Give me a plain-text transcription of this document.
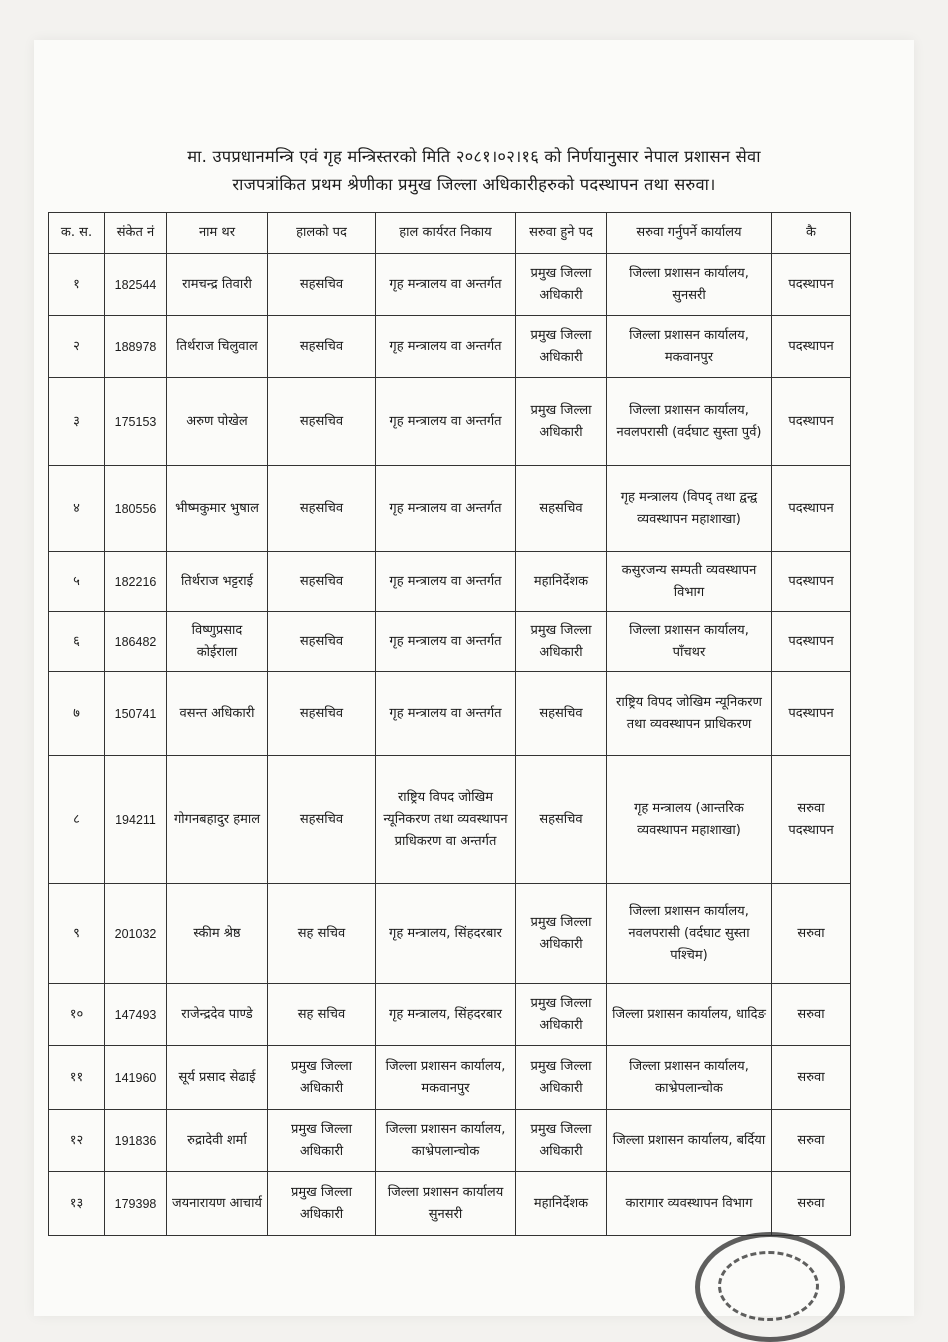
मा. उपप्रधानमन्त्रि एवं गृह मन्त्रिस्तरको मिति २०८१।०२।१६ को निर्णयानुसार नेपाल प्रशासन सेवा
राजपत्रांकित प्रथम श्रेणीका प्रमुख जिल्ला अधिकारीहरुको पदस्थापन तथा सरुवा।
क. स.	संकेत नं	नाम थर	हालको पद	हाल कार्यरत निकाय	सरुवा हुने पद	सरुवा गर्नुपर्ने कार्यालय	कै
१	182544	रामचन्द्र तिवारी	सहसचिव	गृह मन्त्रालय वा अन्तर्गत	प्रमुख जिल्ला अधिकारी	जिल्ला प्रशासन कार्यालय, सुनसरी	पदस्थापन
२	188978	तिर्थराज चिलुवाल	सहसचिव	गृह मन्त्रालय वा अन्तर्गत	प्रमुख जिल्ला अधिकारी	जिल्ला प्रशासन कार्यालय, मकवानपुर	पदस्थापन
३	175153	अरुण पोखेल	सहसचिव	गृह मन्त्रालय वा अन्तर्गत	प्रमुख जिल्ला अधिकारी	जिल्ला प्रशासन कार्यालय, नवलपरासी (वर्दघाट सुस्ता पुर्व)	पदस्थापन
४	180556	भीष्मकुमार भुषाल	सहसचिव	गृह मन्त्रालय वा अन्तर्गत	सहसचिव	गृह मन्त्रालय (विपद् तथा द्वन्द्व व्यवस्थापन महाशाखा)	पदस्थापन
५	182216	तिर्थराज भट्टराई	सहसचिव	गृह मन्त्रालय वा अन्तर्गत	महानिर्देशक	कसुरजन्य सम्पती व्यवस्थापन विभाग	पदस्थापन
६	186482	विष्णुप्रसाद कोईराला	सहसचिव	गृह मन्त्रालय वा अन्तर्गत	प्रमुख जिल्ला अधिकारी	जिल्ला प्रशासन कार्यालय, पाँचथर	पदस्थापन
७	150741	वसन्त अधिकारी	सहसचिव	गृह मन्त्रालय वा अन्तर्गत	सहसचिव	राष्ट्रिय विपद जोखिम न्यूनिकरण तथा व्यवस्थापन प्राधिकरण	पदस्थापन
८	194211	गोगनबहादुर हमाल	सहसचिव	राष्ट्रिय विपद जोखिम न्यूनिकरण तथा व्यवस्थापन प्राधिकरण वा अन्तर्गत	सहसचिव	गृह मन्त्रालय (आन्तरिक व्यवस्थापन महाशाखा)	सरुवा पदस्थापन
९	201032	स्कीम श्रेष्ठ	सह सचिव	गृह मन्त्रालय, सिंहदरबार	प्रमुख जिल्ला अधिकारी	जिल्ला प्रशासन कार्यालय, नवलपरासी (वर्दघाट सुस्ता पश्चिम)	सरुवा
१०	147493	राजेन्द्रदेव पाण्डे	सह सचिव	गृह मन्त्रालय, सिंहदरबार	प्रमुख जिल्ला अधिकारी	जिल्ला प्रशासन कार्यालय, धादिङ	सरुवा
११	141960	सूर्य प्रसाद सेढाई	प्रमुख जिल्ला अधिकारी	जिल्ला प्रशासन कार्यालय, मकवानपुर	प्रमुख जिल्ला अधिकारी	जिल्ला प्रशासन कार्यालय, काभ्रेपलान्चोक	सरुवा
१२	191836	रुद्रादेवी शर्मा	प्रमुख जिल्ला अधिकारी	जिल्ला प्रशासन कार्यालय, काभ्रेपलान्चोक	प्रमुख जिल्ला अधिकारी	जिल्ला प्रशासन कार्यालय, बर्दिया	सरुवा
१३	179398	जयनारायण आचार्य	प्रमुख जिल्ला अधिकारी	जिल्ला प्रशासन कार्यालय सुनसरी	महानिर्देशक	कारागार व्यवस्थापन विभाग	सरुवा
